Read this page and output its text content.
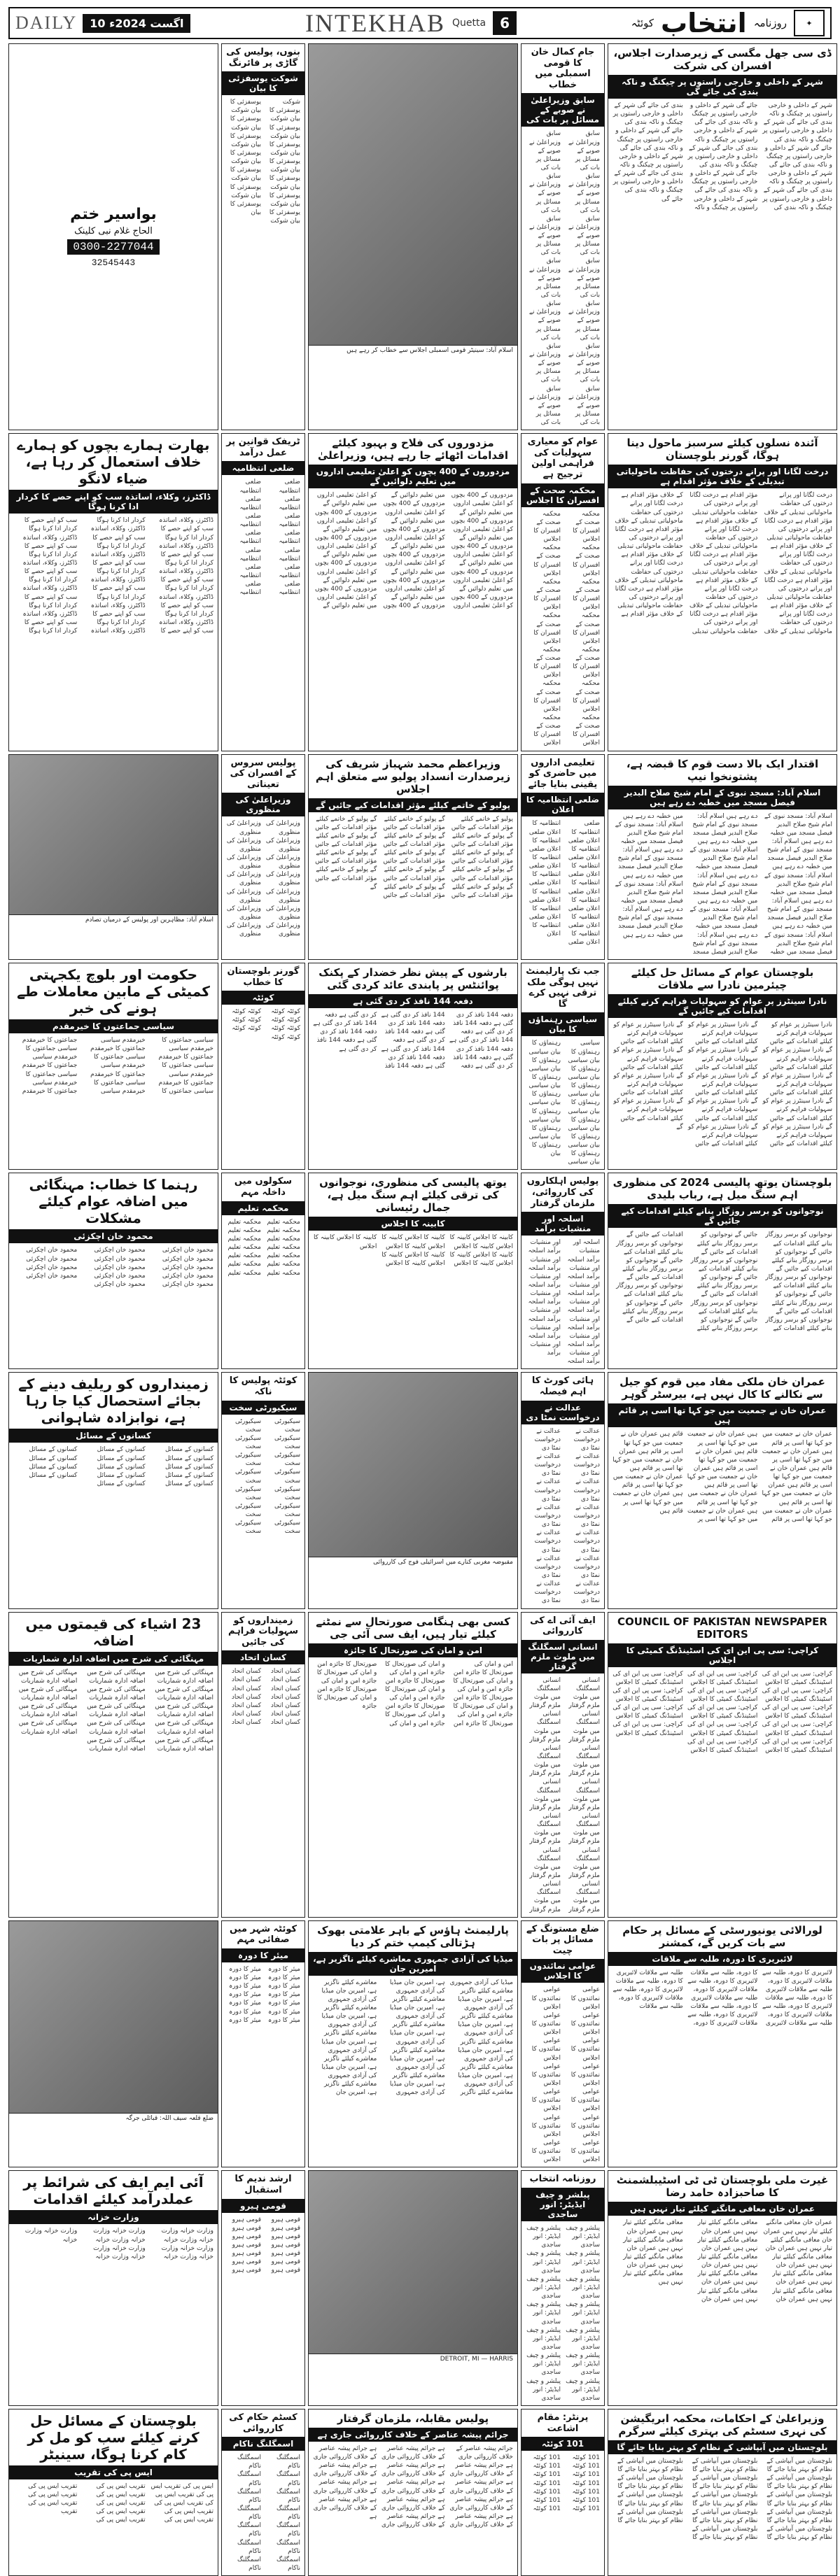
DAILY	10 اگست 2024ء	INTEKHAB Quetta	6	✦
روزنامہ
انتخاب
کوئٹہ
بواسیر ختم
الحاج غلام نبی کلینک
0300-2277044
32545443
بھارت ہمارے بچوں کو ہمارے خلاف استعمال کر رہا ہے، ضیاء لانگو
ڈاکٹرز، وکلاء، اساتذہ سب کو اپنے حصے کا کردار ادا کرنا ہوگا
ڈاکٹرز، وکلاء، اساتذہ سب کو اپنے حصے کا کردار ادا کرنا ہوگا ڈاکٹرز، وکلاء، اساتذہ سب کو اپنے حصے کا کردار ادا کرنا ہوگا ڈاکٹرز، وکلاء، اساتذہ سب کو اپنے حصے کا کردار ادا کرنا ہوگا ڈاکٹرز، وکلاء، اساتذہ سب کو اپنے حصے کا کردار ادا کرنا ہوگا ڈاکٹرز، وکلاء، اساتذہ سب کو اپنے حصے کا کردار ادا کرنا ہوگا ڈاکٹرز، وکلاء، اساتذہ سب کو اپنے حصے کا کردار ادا کرنا ہوگا ڈاکٹرز، وکلاء، اساتذہ سب کو اپنے حصے کا کردار ادا کرنا ہوگا ڈاکٹرز، وکلاء، اساتذہ سب کو اپنے حصے کا کردار ادا کرنا ہوگا ڈاکٹرز، وکلاء، اساتذہ سب کو اپنے حصے کا کردار ادا کرنا ہوگا ڈاکٹرز، وکلاء، اساتذہ سب کو اپنے حصے کا کردار ادا کرنا ہوگا ڈاکٹرز، وکلاء، اساتذہ سب کو اپنے حصے کا کردار ادا کرنا ہوگا ڈاکٹرز، وکلاء، اساتذہ سب کو اپنے حصے کا کردار ادا کرنا ہوگا ڈاکٹرز، وکلاء، اساتذہ سب کو اپنے حصے کا کردار ادا کرنا ہوگا ڈاکٹرز، وکلاء، اساتذہ سب کو اپنے حصے کا کردار ادا کرنا ہوگا
اسلام آباد: مظاہرین اور پولیس کے درمیان تصادم
حکومت اور بلوچ یکجہتی کمیٹی کے مابین معاملات طے ہونے کی خبر
سیاسی جماعتوں کا خیرمقدم
سیاسی جماعتوں کا خیرمقدم سیاسی جماعتوں کا خیرمقدم سیاسی جماعتوں کا خیرمقدم سیاسی جماعتوں کا خیرمقدم سیاسی جماعتوں کا خیرمقدم سیاسی جماعتوں کا خیرمقدم سیاسی جماعتوں کا خیرمقدم سیاسی جماعتوں کا خیرمقدم سیاسی جماعتوں کا خیرمقدم سیاسی جماعتوں کا خیرمقدم سیاسی جماعتوں کا خیرمقدم سیاسی جماعتوں کا خیرمقدم سیاسی جماعتوں کا خیرمقدم سیاسی جماعتوں کا خیرمقدم
رہنما کا خطاب: مہنگائی میں اضافہ عوام کیلئے مشکلات
محمود خان اچکزئی
محمود خان اچکزئی محمود خان اچکزئی محمود خان اچکزئی محمود خان اچکزئی محمود خان اچکزئی محمود خان اچکزئی محمود خان اچکزئی محمود خان اچکزئی محمود خان اچکزئی محمود خان اچکزئی محمود خان اچکزئی محمود خان اچکزئی محمود خان اچکزئی محمود خان اچکزئی
زمینداروں کو ریلیف دینے کے بجائے استحصال کیا جا رہا ہے، نوابزادہ شاہوانی
کسانوں کے مسائل
کسانوں کے مسائل کسانوں کے مسائل کسانوں کے مسائل کسانوں کے مسائل کسانوں کے مسائل کسانوں کے مسائل کسانوں کے مسائل کسانوں کے مسائل کسانوں کے مسائل کسانوں کے مسائل کسانوں کے مسائل کسانوں کے مسائل کسانوں کے مسائل کسانوں کے مسائل
23 اشیاء کی قیمتوں میں اضافہ
مہنگائی کی شرح میں اضافہ ادارہ شماریات
مہنگائی کی شرح میں اضافہ ادارہ شماریات مہنگائی کی شرح میں اضافہ ادارہ شماریات مہنگائی کی شرح میں اضافہ ادارہ شماریات مہنگائی کی شرح میں اضافہ ادارہ شماریات مہنگائی کی شرح میں اضافہ ادارہ شماریات مہنگائی کی شرح میں اضافہ ادارہ شماریات مہنگائی کی شرح میں اضافہ ادارہ شماریات مہنگائی کی شرح میں اضافہ ادارہ شماریات مہنگائی کی شرح میں اضافہ ادارہ شماریات مہنگائی کی شرح میں اضافہ ادارہ شماریات مہنگائی کی شرح میں اضافہ ادارہ شماریات مہنگائی کی شرح میں اضافہ ادارہ شماریات مہنگائی کی شرح میں اضافہ ادارہ شماریات مہنگائی کی شرح میں اضافہ ادارہ شماریات
ضلع قلعہ سیف اللہ: قبائلی جرگہ
آئی ایم ایف کی شرائط پر عملدرآمد کیلئے اقدامات
وزارت خزانہ
وزارت خزانہ وزارت خزانہ وزارت خزانہ وزارت خزانہ وزارت خزانہ وزارت خزانہ وزارت خزانہ وزارت خزانہ وزارت خزانہ وزارت خزانہ وزارت خزانہ وزارت خزانہ وزارت خزانہ وزارت خزانہ
بلوچستان کے مسائل حل کرنے کیلئے سب کو مل کر کام کرنا ہوگا، سینیٹر
ایس پی کی تقریب
ایس پی کی تقریب ایس پی کی تقریب ایس پی کی تقریب ایس پی کی تقریب ایس پی کی تقریب ایس پی کی تقریب ایس پی کی تقریب ایس پی کی تقریب ایس پی کی تقریب ایس پی کی تقریب ایس پی کی تقریب ایس پی کی تقریب ایس پی کی تقریب ایس پی کی تقریب
بنوں، پولیس کی گاڑی پر فائرنگ
شوکت یوسفزئی کا بیان
شوکت یوسفزئی کا بیان شوکت یوسفزئی کا بیان شوکت یوسفزئی کا بیان شوکت یوسفزئی کا بیان شوکت یوسفزئی کا بیان شوکت یوسفزئی کا بیان شوکت یوسفزئی کا بیان شوکت یوسفزئی کا بیان شوکت یوسفزئی کا بیان شوکت یوسفزئی کا بیان شوکت یوسفزئی کا بیان شوکت یوسفزئی کا بیان شوکت یوسفزئی کا بیان شوکت یوسفزئی کا بیان
ٹریفک قوانین پر عمل درآمد
ضلعی انتظامیہ
ضلعی انتظامیہ ضلعی انتظامیہ ضلعی انتظامیہ ضلعی انتظامیہ ضلعی انتظامیہ ضلعی انتظامیہ ضلعی انتظامیہ ضلعی انتظامیہ ضلعی انتظامیہ ضلعی انتظامیہ ضلعی انتظامیہ ضلعی انتظامیہ ضلعی انتظامیہ ضلعی انتظامیہ
پولیس سروس کے افسران کی تعیناتی
وزیراعلیٰ کی منظوری
وزیراعلیٰ کی منظوری وزیراعلیٰ کی منظوری وزیراعلیٰ کی منظوری وزیراعلیٰ کی منظوری وزیراعلیٰ کی منظوری وزیراعلیٰ کی منظوری وزیراعلیٰ کی منظوری وزیراعلیٰ کی منظوری وزیراعلیٰ کی منظوری وزیراعلیٰ کی منظوری وزیراعلیٰ کی منظوری وزیراعلیٰ کی منظوری وزیراعلیٰ کی منظوری وزیراعلیٰ کی منظوری
گورنر بلوچستان کا خطاب
کوئٹہ
کوئٹہ کوئٹہ کوئٹہ کوئٹہ کوئٹہ کوئٹہ کوئٹہ کوئٹہ کوئٹہ کوئٹہ کوئٹہ کوئٹہ کوئٹہ کوئٹہ
سکولوں میں داخلہ مہم
محکمہ تعلیم
محکمہ تعلیم محکمہ تعلیم محکمہ تعلیم محکمہ تعلیم محکمہ تعلیم محکمہ تعلیم محکمہ تعلیم محکمہ تعلیم محکمہ تعلیم محکمہ تعلیم محکمہ تعلیم محکمہ تعلیم محکمہ تعلیم محکمہ تعلیم
کوئٹہ پولیس کا ناکہ
سیکیورٹی سخت
سیکیورٹی سخت سیکیورٹی سخت سیکیورٹی سخت سیکیورٹی سخت سیکیورٹی سخت سیکیورٹی سخت سیکیورٹی سخت سیکیورٹی سخت سیکیورٹی سخت سیکیورٹی سخت سیکیورٹی سخت سیکیورٹی سخت سیکیورٹی سخت سیکیورٹی سخت
زمینداروں کو سہولیات فراہم کی جائیں
کسان اتحاد
کسان اتحاد کسان اتحاد کسان اتحاد کسان اتحاد کسان اتحاد کسان اتحاد کسان اتحاد کسان اتحاد کسان اتحاد کسان اتحاد کسان اتحاد کسان اتحاد کسان اتحاد کسان اتحاد
کوئٹہ شہر میں صفائی مہم
میئر کا دورہ
میئر کا دورہ میئر کا دورہ میئر کا دورہ میئر کا دورہ میئر کا دورہ میئر کا دورہ میئر کا دورہ میئر کا دورہ میئر کا دورہ میئر کا دورہ میئر کا دورہ میئر کا دورہ میئر کا دورہ میئر کا دورہ
ارشد ندیم کا استقبال
قومی ہیرو
قومی ہیرو قومی ہیرو قومی ہیرو قومی ہیرو قومی ہیرو قومی ہیرو قومی ہیرو قومی ہیرو قومی ہیرو قومی ہیرو قومی ہیرو قومی ہیرو قومی ہیرو قومی ہیرو
کسٹم حکام کی کارروائی
اسمگلنگ ناکام
اسمگلنگ ناکام اسمگلنگ ناکام اسمگلنگ ناکام اسمگلنگ ناکام اسمگلنگ ناکام اسمگلنگ ناکام اسمگلنگ ناکام اسمگلنگ ناکام اسمگلنگ ناکام اسمگلنگ ناکام اسمگلنگ ناکام اسمگلنگ ناکام اسمگلنگ ناکام اسمگلنگ ناکام
اسلام آباد: سینیٹر قومی اسمبلی اجلاس سے خطاب کر رہے ہیں
مزدوروں کی فلاح و بہبود کیلئے اقدامات اٹھائے جا رہے ہیں، وزیراعلیٰ
مزدوروں کے 400 بچوں کو اعلیٰ تعلیمی اداروں میں تعلیم دلوائیں گے
مزدوروں کے 400 بچوں کو اعلیٰ تعلیمی اداروں میں تعلیم دلوائیں گے مزدوروں کے 400 بچوں کو اعلیٰ تعلیمی اداروں میں تعلیم دلوائیں گے مزدوروں کے 400 بچوں کو اعلیٰ تعلیمی اداروں میں تعلیم دلوائیں گے مزدوروں کے 400 بچوں کو اعلیٰ تعلیمی اداروں میں تعلیم دلوائیں گے مزدوروں کے 400 بچوں کو اعلیٰ تعلیمی اداروں میں تعلیم دلوائیں گے مزدوروں کے 400 بچوں کو اعلیٰ تعلیمی اداروں میں تعلیم دلوائیں گے مزدوروں کے 400 بچوں کو اعلیٰ تعلیمی اداروں میں تعلیم دلوائیں گے مزدوروں کے 400 بچوں کو اعلیٰ تعلیمی اداروں میں تعلیم دلوائیں گے مزدوروں کے 400 بچوں کو اعلیٰ تعلیمی اداروں میں تعلیم دلوائیں گے مزدوروں کے 400 بچوں کو اعلیٰ تعلیمی اداروں میں تعلیم دلوائیں گے مزدوروں کے 400 بچوں کو اعلیٰ تعلیمی اداروں میں تعلیم دلوائیں گے مزدوروں کے 400 بچوں کو اعلیٰ تعلیمی اداروں میں تعلیم دلوائیں گے مزدوروں کے 400 بچوں کو اعلیٰ تعلیمی اداروں میں تعلیم دلوائیں گے مزدوروں کے 400 بچوں کو اعلیٰ تعلیمی اداروں میں تعلیم دلوائیں گے
وزیراعظم محمد شہباز شریف کی زیرصدارت انسداد پولیو سے متعلق اہم اجلاس
پولیو کے خاتمے کیلئے مؤثر اقدامات کیے جائیں گے
پولیو کے خاتمے کیلئے مؤثر اقدامات کیے جائیں گے پولیو کے خاتمے کیلئے مؤثر اقدامات کیے جائیں گے پولیو کے خاتمے کیلئے مؤثر اقدامات کیے جائیں گے پولیو کے خاتمے کیلئے مؤثر اقدامات کیے جائیں گے پولیو کے خاتمے کیلئے مؤثر اقدامات کیے جائیں گے پولیو کے خاتمے کیلئے مؤثر اقدامات کیے جائیں گے پولیو کے خاتمے کیلئے مؤثر اقدامات کیے جائیں گے پولیو کے خاتمے کیلئے مؤثر اقدامات کیے جائیں گے پولیو کے خاتمے کیلئے مؤثر اقدامات کیے جائیں گے پولیو کے خاتمے کیلئے مؤثر اقدامات کیے جائیں گے پولیو کے خاتمے کیلئے مؤثر اقدامات کیے جائیں گے پولیو کے خاتمے کیلئے مؤثر اقدامات کیے جائیں گے پولیو کے خاتمے کیلئے مؤثر اقدامات کیے جائیں گے پولیو کے خاتمے کیلئے مؤثر اقدامات کیے جائیں گے
بارشوں کے پیش نظر خضدار کے پکنک پوائنٹس پر پابندی عائد کردی گئی
دفعہ 144 نافذ کر دی گئی ہے
دفعہ 144 نافذ کر دی گئی ہے دفعہ 144 نافذ کر دی گئی ہے دفعہ 144 نافذ کر دی گئی ہے دفعہ 144 نافذ کر دی گئی ہے دفعہ 144 نافذ کر دی گئی ہے دفعہ 144 نافذ کر دی گئی ہے دفعہ 144 نافذ کر دی گئی ہے دفعہ 144 نافذ کر دی گئی ہے دفعہ 144 نافذ کر دی گئی ہے دفعہ 144 نافذ کر دی گئی ہے دفعہ 144 نافذ کر دی گئی ہے دفعہ 144 نافذ کر دی گئی ہے دفعہ 144 نافذ کر دی گئی ہے دفعہ 144 نافذ کر دی گئی ہے
یوتھ پالیسی کی منظوری، نوجوانوں کی ترقی کیلئے اہم سنگ میل ہے، جمال رئیسانی
کابینہ کا اجلاس
کابینہ کا اجلاس کابینہ کا اجلاس کابینہ کا اجلاس کابینہ کا اجلاس کابینہ کا اجلاس کابینہ کا اجلاس کابینہ کا اجلاس کابینہ کا اجلاس کابینہ کا اجلاس کابینہ کا اجلاس کابینہ کا اجلاس کابینہ کا اجلاس کابینہ کا اجلاس کابینہ کا اجلاس
مقبوضہ مغربی کنارے میں اسرائیلی فوج کی کارروائی
کسی بھی ہنگامی صورتحال سے نمٹنے کیلئے تیار ہیں، ایف سی آئی جی
امن و امان کی صورتحال کا جائزہ
امن و امان کی صورتحال کا جائزہ امن و امان کی صورتحال کا جائزہ امن و امان کی صورتحال کا جائزہ امن و امان کی صورتحال کا جائزہ امن و امان کی صورتحال کا جائزہ امن و امان کی صورتحال کا جائزہ امن و امان کی صورتحال کا جائزہ امن و امان کی صورتحال کا جائزہ امن و امان کی صورتحال کا جائزہ امن و امان کی صورتحال کا جائزہ امن و امان کی صورتحال کا جائزہ امن و امان کی صورتحال کا جائزہ امن و امان کی صورتحال کا جائزہ امن و امان کی صورتحال کا جائزہ
پارلیمنٹ ہاؤس کے باہر علامتی بھوک ہڑتالی کیمپ ختم کر دیا
میڈیا کی آزادی جمہوری معاشرے کیلئے ناگزیر ہے، امیرین جان
میڈیا کی آزادی جمہوری معاشرے کیلئے ناگزیر ہے، امیرین جان میڈیا کی آزادی جمہوری معاشرے کیلئے ناگزیر ہے، امیرین جان میڈیا کی آزادی جمہوری معاشرے کیلئے ناگزیر ہے، امیرین جان میڈیا کی آزادی جمہوری معاشرے کیلئے ناگزیر ہے، امیرین جان میڈیا کی آزادی جمہوری معاشرے کیلئے ناگزیر ہے، امیرین جان میڈیا کی آزادی جمہوری معاشرے کیلئے ناگزیر ہے، امیرین جان میڈیا کی آزادی جمہوری معاشرے کیلئے ناگزیر ہے، امیرین جان میڈیا کی آزادی جمہوری معاشرے کیلئے ناگزیر ہے، امیرین جان میڈیا کی آزادی جمہوری معاشرے کیلئے ناگزیر ہے، امیرین جان میڈیا کی آزادی جمہوری معاشرے کیلئے ناگزیر ہے، امیرین جان میڈیا کی آزادی جمہوری معاشرے کیلئے ناگزیر ہے، امیرین جان میڈیا کی آزادی جمہوری معاشرے کیلئے ناگزیر ہے، امیرین جان میڈیا کی آزادی جمہوری معاشرے کیلئے ناگزیر ہے، امیرین جان میڈیا کی آزادی جمہوری معاشرے کیلئے ناگزیر ہے، امیرین جان
DETROIT, MI — HARRIS
پولیس مقابلہ، ملزمان گرفتار
جرائم پیشہ عناصر کے خلاف کارروائی جاری ہے
جرائم پیشہ عناصر کے خلاف کارروائی جاری ہے جرائم پیشہ عناصر کے خلاف کارروائی جاری ہے جرائم پیشہ عناصر کے خلاف کارروائی جاری ہے جرائم پیشہ عناصر کے خلاف کارروائی جاری ہے جرائم پیشہ عناصر کے خلاف کارروائی جاری ہے جرائم پیشہ عناصر کے خلاف کارروائی جاری ہے جرائم پیشہ عناصر کے خلاف کارروائی جاری ہے جرائم پیشہ عناصر کے خلاف کارروائی جاری ہے جرائم پیشہ عناصر کے خلاف کارروائی جاری ہے جرائم پیشہ عناصر کے خلاف کارروائی جاری ہے جرائم پیشہ عناصر کے خلاف کارروائی جاری ہے جرائم پیشہ عناصر کے خلاف کارروائی جاری ہے جرائم پیشہ عناصر کے خلاف کارروائی جاری ہے جرائم پیشہ عناصر کے خلاف کارروائی جاری ہے
جام کمال خان کا قومی اسمبلی میں خطاب
سابق وزیراعلیٰ نے صوبے کے مسائل پر بات کی
سابق وزیراعلیٰ نے صوبے کے مسائل پر بات کی سابق وزیراعلیٰ نے صوبے کے مسائل پر بات کی سابق وزیراعلیٰ نے صوبے کے مسائل پر بات کی سابق وزیراعلیٰ نے صوبے کے مسائل پر بات کی سابق وزیراعلیٰ نے صوبے کے مسائل پر بات کی سابق وزیراعلیٰ نے صوبے کے مسائل پر بات کی سابق وزیراعلیٰ نے صوبے کے مسائل پر بات کی سابق وزیراعلیٰ نے صوبے کے مسائل پر بات کی سابق وزیراعلیٰ نے صوبے کے مسائل پر بات کی سابق وزیراعلیٰ نے صوبے کے مسائل پر بات کی سابق وزیراعلیٰ نے صوبے کے مسائل پر بات کی سابق وزیراعلیٰ نے صوبے کے مسائل پر بات کی سابق وزیراعلیٰ نے صوبے کے مسائل پر بات کی سابق وزیراعلیٰ نے صوبے کے مسائل پر بات کی
عوام کو معیاری سہولیات کی فراہمی اولین ترجیح ہے
محکمہ صحت کے افسران کا اجلاس
محکمہ صحت کے افسران کا اجلاس محکمہ صحت کے افسران کا اجلاس محکمہ صحت کے افسران کا اجلاس محکمہ صحت کے افسران کا اجلاس محکمہ صحت کے افسران کا اجلاس محکمہ صحت کے افسران کا اجلاس محکمہ صحت کے افسران کا اجلاس محکمہ صحت کے افسران کا اجلاس محکمہ صحت کے افسران کا اجلاس محکمہ صحت کے افسران کا اجلاس محکمہ صحت کے افسران کا اجلاس محکمہ صحت کے افسران کا اجلاس محکمہ صحت کے افسران کا اجلاس محکمہ صحت کے افسران کا اجلاس
تعلیمی اداروں میں حاضری کو یقینی بنایا جائے
ضلعی انتظامیہ کا اعلان
ضلعی انتظامیہ کا اعلان ضلعی انتظامیہ کا اعلان ضلعی انتظامیہ کا اعلان ضلعی انتظامیہ کا اعلان ضلعی انتظامیہ کا اعلان ضلعی انتظامیہ کا اعلان ضلعی انتظامیہ کا اعلان ضلعی انتظامیہ کا اعلان ضلعی انتظامیہ کا اعلان ضلعی انتظامیہ کا اعلان ضلعی انتظامیہ کا اعلان ضلعی انتظامیہ کا اعلان ضلعی انتظامیہ کا اعلان ضلعی انتظامیہ کا اعلان
جب تک پارلیمنٹ نہیں ہوگی ملک ترقی نہیں کرے گا
سیاسی رہنماؤں کا بیان
سیاسی رہنماؤں کا بیان سیاسی رہنماؤں کا بیان سیاسی رہنماؤں کا بیان سیاسی رہنماؤں کا بیان سیاسی رہنماؤں کا بیان سیاسی رہنماؤں کا بیان سیاسی رہنماؤں کا بیان سیاسی رہنماؤں کا بیان سیاسی رہنماؤں کا بیان سیاسی رہنماؤں کا بیان سیاسی رہنماؤں کا بیان سیاسی رہنماؤں کا بیان سیاسی رہنماؤں کا بیان سیاسی رہنماؤں کا بیان
پولیس اہلکاروں کی کارروائی، ملزمان گرفتار
اسلحہ اور منشیات برآمد
اسلحہ اور منشیات برآمد اسلحہ اور منشیات برآمد اسلحہ اور منشیات برآمد اسلحہ اور منشیات برآمد اسلحہ اور منشیات برآمد اسلحہ اور منشیات برآمد اسلحہ اور منشیات برآمد اسلحہ اور منشیات برآمد اسلحہ اور منشیات برآمد اسلحہ اور منشیات برآمد اسلحہ اور منشیات برآمد اسلحہ اور منشیات برآمد اسلحہ اور منشیات برآمد اسلحہ اور منشیات برآمد
ہائی کورٹ کا اہم فیصلہ
عدالت نے درخواست نمٹا دی
عدالت نے درخواست نمٹا دی عدالت نے درخواست نمٹا دی عدالت نے درخواست نمٹا دی عدالت نے درخواست نمٹا دی عدالت نے درخواست نمٹا دی عدالت نے درخواست نمٹا دی عدالت نے درخواست نمٹا دی عدالت نے درخواست نمٹا دی عدالت نے درخواست نمٹا دی عدالت نے درخواست نمٹا دی عدالت نے درخواست نمٹا دی عدالت نے درخواست نمٹا دی عدالت نے درخواست نمٹا دی عدالت نے درخواست نمٹا دی
ایف آئی اے کی کارروائی
انسانی اسمگلنگ میں ملوث ملزم گرفتار
انسانی اسمگلنگ میں ملوث ملزم گرفتار انسانی اسمگلنگ میں ملوث ملزم گرفتار انسانی اسمگلنگ میں ملوث ملزم گرفتار انسانی اسمگلنگ میں ملوث ملزم گرفتار انسانی اسمگلنگ میں ملوث ملزم گرفتار انسانی اسمگلنگ میں ملوث ملزم گرفتار انسانی اسمگلنگ میں ملوث ملزم گرفتار انسانی اسمگلنگ میں ملوث ملزم گرفتار انسانی اسمگلنگ میں ملوث ملزم گرفتار انسانی اسمگلنگ میں ملوث ملزم گرفتار انسانی اسمگلنگ میں ملوث ملزم گرفتار انسانی اسمگلنگ میں ملوث ملزم گرفتار انسانی اسمگلنگ میں ملوث ملزم گرفتار انسانی اسمگلنگ میں ملوث ملزم گرفتار
ضلع مستونگ کے مسائل پر بات چیت
عوامی نمائندوں کا اجلاس
عوامی نمائندوں کا اجلاس عوامی نمائندوں کا اجلاس عوامی نمائندوں کا اجلاس عوامی نمائندوں کا اجلاس عوامی نمائندوں کا اجلاس عوامی نمائندوں کا اجلاس عوامی نمائندوں کا اجلاس عوامی نمائندوں کا اجلاس عوامی نمائندوں کا اجلاس عوامی نمائندوں کا اجلاس عوامی نمائندوں کا اجلاس عوامی نمائندوں کا اجلاس عوامی نمائندوں کا اجلاس عوامی نمائندوں کا اجلاس
روزنامہ انتخاب
پبلشر و چیف ایڈیٹر: انور ساجدی
پبلشر و چیف ایڈیٹر: انور ساجدی پبلشر و چیف ایڈیٹر: انور ساجدی پبلشر و چیف ایڈیٹر: انور ساجدی پبلشر و چیف ایڈیٹر: انور ساجدی پبلشر و چیف ایڈیٹر: انور ساجدی پبلشر و چیف ایڈیٹر: انور ساجدی پبلشر و چیف ایڈیٹر: انور ساجدی پبلشر و چیف ایڈیٹر: انور ساجدی پبلشر و چیف ایڈیٹر: انور ساجدی پبلشر و چیف ایڈیٹر: انور ساجدی پبلشر و چیف ایڈیٹر: انور ساجدی پبلشر و چیف ایڈیٹر: انور ساجدی پبلشر و چیف ایڈیٹر: انور ساجدی پبلشر و چیف ایڈیٹر: انور ساجدی
پرنٹر: مقام اشاعت
101 کوئٹہ
101 کوئٹہ 101 کوئٹہ 101 کوئٹہ 101 کوئٹہ 101 کوئٹہ 101 کوئٹہ 101 کوئٹہ 101 کوئٹہ 101 کوئٹہ 101 کوئٹہ 101 کوئٹہ 101 کوئٹہ 101 کوئٹہ 101 کوئٹہ
ڈی سی جھل مگسی کے زیرصدارت اجلاس، افسران کی شرکت
شہر کے داخلی و خارجی راستوں پر چیکنگ و ناکہ بندی کی جائے گی
شہر کے داخلی و خارجی راستوں پر چیکنگ و ناکہ بندی کی جائے گی شہر کے داخلی و خارجی راستوں پر چیکنگ و ناکہ بندی کی جائے گی شہر کے داخلی و خارجی راستوں پر چیکنگ و ناکہ بندی کی جائے گی شہر کے داخلی و خارجی راستوں پر چیکنگ و ناکہ بندی کی جائے گی شہر کے داخلی و خارجی راستوں پر چیکنگ و ناکہ بندی کی جائے گی شہر کے داخلی و خارجی راستوں پر چیکنگ و ناکہ بندی کی جائے گی شہر کے داخلی و خارجی راستوں پر چیکنگ و ناکہ بندی کی جائے گی شہر کے داخلی و خارجی راستوں پر چیکنگ و ناکہ بندی کی جائے گی شہر کے داخلی و خارجی راستوں پر چیکنگ و ناکہ بندی کی جائے گی شہر کے داخلی و خارجی راستوں پر چیکنگ و ناکہ بندی کی جائے گی شہر کے داخلی و خارجی راستوں پر چیکنگ و ناکہ بندی کی جائے گی شہر کے داخلی و خارجی راستوں پر چیکنگ و ناکہ بندی کی جائے گی شہر کے داخلی و خارجی راستوں پر چیکنگ و ناکہ بندی کی جائے گی شہر کے داخلی و خارجی راستوں پر چیکنگ و ناکہ بندی کی جائے گی
آئندہ نسلوں کیلئے سرسبز ماحول دینا ہوگا، گورنر بلوچستان
درخت لگانا اور پرانے درختوں کی حفاظت ماحولیاتی تبدیلی کے خلاف مؤثر اقدام ہے
درخت لگانا اور پرانے درختوں کی حفاظت ماحولیاتی تبدیلی کے خلاف مؤثر اقدام ہے درخت لگانا اور پرانے درختوں کی حفاظت ماحولیاتی تبدیلی کے خلاف مؤثر اقدام ہے درخت لگانا اور پرانے درختوں کی حفاظت ماحولیاتی تبدیلی کے خلاف مؤثر اقدام ہے درخت لگانا اور پرانے درختوں کی حفاظت ماحولیاتی تبدیلی کے خلاف مؤثر اقدام ہے درخت لگانا اور پرانے درختوں کی حفاظت ماحولیاتی تبدیلی کے خلاف مؤثر اقدام ہے درخت لگانا اور پرانے درختوں کی حفاظت ماحولیاتی تبدیلی کے خلاف مؤثر اقدام ہے درخت لگانا اور پرانے درختوں کی حفاظت ماحولیاتی تبدیلی کے خلاف مؤثر اقدام ہے درخت لگانا اور پرانے درختوں کی حفاظت ماحولیاتی تبدیلی کے خلاف مؤثر اقدام ہے درخت لگانا اور پرانے درختوں کی حفاظت ماحولیاتی تبدیلی کے خلاف مؤثر اقدام ہے درخت لگانا اور پرانے درختوں کی حفاظت ماحولیاتی تبدیلی کے خلاف مؤثر اقدام ہے درخت لگانا اور پرانے درختوں کی حفاظت ماحولیاتی تبدیلی کے خلاف مؤثر اقدام ہے درخت لگانا اور پرانے درختوں کی حفاظت ماحولیاتی تبدیلی کے خلاف مؤثر اقدام ہے درخت لگانا اور پرانے درختوں کی حفاظت ماحولیاتی تبدیلی کے خلاف مؤثر اقدام ہے درخت لگانا اور پرانے درختوں کی حفاظت ماحولیاتی تبدیلی کے خلاف مؤثر اقدام ہے
اقتدار ایک بالا دست قوم کا قبضہ ہے، پشتونخوا نیپ
اسلام آباد: مسجد نبوی کے امام شیخ صلاح البدیر فیصل مسجد میں خطبہ دے رہے ہیں
اسلام آباد: مسجد نبوی کے امام شیخ صلاح البدیر فیصل مسجد میں خطبہ دے رہے ہیں اسلام آباد: مسجد نبوی کے امام شیخ صلاح البدیر فیصل مسجد میں خطبہ دے رہے ہیں اسلام آباد: مسجد نبوی کے امام شیخ صلاح البدیر فیصل مسجد میں خطبہ دے رہے ہیں اسلام آباد: مسجد نبوی کے امام شیخ صلاح البدیر فیصل مسجد میں خطبہ دے رہے ہیں اسلام آباد: مسجد نبوی کے امام شیخ صلاح البدیر فیصل مسجد میں خطبہ دے رہے ہیں اسلام آباد: مسجد نبوی کے امام شیخ صلاح البدیر فیصل مسجد میں خطبہ دے رہے ہیں اسلام آباد: مسجد نبوی کے امام شیخ صلاح البدیر فیصل مسجد میں خطبہ دے رہے ہیں اسلام آباد: مسجد نبوی کے امام شیخ صلاح البدیر فیصل مسجد میں خطبہ دے رہے ہیں اسلام آباد: مسجد نبوی کے امام شیخ صلاح البدیر فیصل مسجد میں خطبہ دے رہے ہیں اسلام آباد: مسجد نبوی کے امام شیخ صلاح البدیر فیصل مسجد میں خطبہ دے رہے ہیں اسلام آباد: مسجد نبوی کے امام شیخ صلاح البدیر فیصل مسجد میں خطبہ دے رہے ہیں اسلام آباد: مسجد نبوی کے امام شیخ صلاح البدیر فیصل مسجد میں خطبہ دے رہے ہیں اسلام آباد: مسجد نبوی کے امام شیخ صلاح البدیر فیصل مسجد میں خطبہ دے رہے ہیں اسلام آباد: مسجد نبوی کے امام شیخ صلاح البدیر فیصل مسجد میں خطبہ دے رہے ہیں
بلوچستان عوام کے مسائل حل کیلئے چیئرمین نادرا سے ملاقات
نادرا سینٹرز پر عوام کو سہولیات فراہم کرنے کیلئے اقدامات کیے جائیں گے
نادرا سینٹرز پر عوام کو سہولیات فراہم کرنے کیلئے اقدامات کیے جائیں گے نادرا سینٹرز پر عوام کو سہولیات فراہم کرنے کیلئے اقدامات کیے جائیں گے نادرا سینٹرز پر عوام کو سہولیات فراہم کرنے کیلئے اقدامات کیے جائیں گے نادرا سینٹرز پر عوام کو سہولیات فراہم کرنے کیلئے اقدامات کیے جائیں گے نادرا سینٹرز پر عوام کو سہولیات فراہم کرنے کیلئے اقدامات کیے جائیں گے نادرا سینٹرز پر عوام کو سہولیات فراہم کرنے کیلئے اقدامات کیے جائیں گے نادرا سینٹرز پر عوام کو سہولیات فراہم کرنے کیلئے اقدامات کیے جائیں گے نادرا سینٹرز پر عوام کو سہولیات فراہم کرنے کیلئے اقدامات کیے جائیں گے نادرا سینٹرز پر عوام کو سہولیات فراہم کرنے کیلئے اقدامات کیے جائیں گے نادرا سینٹرز پر عوام کو سہولیات فراہم کرنے کیلئے اقدامات کیے جائیں گے نادرا سینٹرز پر عوام کو سہولیات فراہم کرنے کیلئے اقدامات کیے جائیں گے نادرا سینٹرز پر عوام کو سہولیات فراہم کرنے کیلئے اقدامات کیے جائیں گے نادرا سینٹرز پر عوام کو سہولیات فراہم کرنے کیلئے اقدامات کیے جائیں گے نادرا سینٹرز پر عوام کو سہولیات فراہم کرنے کیلئے اقدامات کیے جائیں گے
بلوچستان یوتھ پالیسی 2024 کی منظوری اہم سنگ میل ہے، رباب بلیدی
نوجوانوں کو برسر روزگار بنانے کیلئے اقدامات کیے جائیں گے
نوجوانوں کو برسر روزگار بنانے کیلئے اقدامات کیے جائیں گے نوجوانوں کو برسر روزگار بنانے کیلئے اقدامات کیے جائیں گے نوجوانوں کو برسر روزگار بنانے کیلئے اقدامات کیے جائیں گے نوجوانوں کو برسر روزگار بنانے کیلئے اقدامات کیے جائیں گے نوجوانوں کو برسر روزگار بنانے کیلئے اقدامات کیے جائیں گے نوجوانوں کو برسر روزگار بنانے کیلئے اقدامات کیے جائیں گے نوجوانوں کو برسر روزگار بنانے کیلئے اقدامات کیے جائیں گے نوجوانوں کو برسر روزگار بنانے کیلئے اقدامات کیے جائیں گے نوجوانوں کو برسر روزگار بنانے کیلئے اقدامات کیے جائیں گے نوجوانوں کو برسر روزگار بنانے کیلئے اقدامات کیے جائیں گے نوجوانوں کو برسر روزگار بنانے کیلئے اقدامات کیے جائیں گے نوجوانوں کو برسر روزگار بنانے کیلئے اقدامات کیے جائیں گے نوجوانوں کو برسر روزگار بنانے کیلئے اقدامات کیے جائیں گے نوجوانوں کو برسر روزگار بنانے کیلئے اقدامات کیے جائیں گے
عمران خان ملکی مفاد میں قوم کو جیل سے نکالنے کا کال نہیں ہے، بیرسٹر گوہر
عمران خان نے جمعیت میں جو کہا تھا اسی پر قائم ہیں
عمران خان نے جمعیت میں جو کہا تھا اسی پر قائم ہیں عمران خان نے جمعیت میں جو کہا تھا اسی پر قائم ہیں عمران خان نے جمعیت میں جو کہا تھا اسی پر قائم ہیں عمران خان نے جمعیت میں جو کہا تھا اسی پر قائم ہیں عمران خان نے جمعیت میں جو کہا تھا اسی پر قائم ہیں عمران خان نے جمعیت میں جو کہا تھا اسی پر قائم ہیں عمران خان نے جمعیت میں جو کہا تھا اسی پر قائم ہیں عمران خان نے جمعیت میں جو کہا تھا اسی پر قائم ہیں عمران خان نے جمعیت میں جو کہا تھا اسی پر قائم ہیں عمران خان نے جمعیت میں جو کہا تھا اسی پر قائم ہیں عمران خان نے جمعیت میں جو کہا تھا اسی پر قائم ہیں عمران خان نے جمعیت میں جو کہا تھا اسی پر قائم ہیں عمران خان نے جمعیت میں جو کہا تھا اسی پر قائم ہیں عمران خان نے جمعیت میں جو کہا تھا اسی پر قائم ہیں
COUNCIL OF PAKISTAN NEWSPAPER EDITORS
کراچی: سی پی این ای کی اسٹینڈنگ کمیٹی کا اجلاس
کراچی: سی پی این ای کی اسٹینڈنگ کمیٹی کا اجلاس کراچی: سی پی این ای کی اسٹینڈنگ کمیٹی کا اجلاس کراچی: سی پی این ای کی اسٹینڈنگ کمیٹی کا اجلاس کراچی: سی پی این ای کی اسٹینڈنگ کمیٹی کا اجلاس کراچی: سی پی این ای کی اسٹینڈنگ کمیٹی کا اجلاس کراچی: سی پی این ای کی اسٹینڈنگ کمیٹی کا اجلاس کراچی: سی پی این ای کی اسٹینڈنگ کمیٹی کا اجلاس کراچی: سی پی این ای کی اسٹینڈنگ کمیٹی کا اجلاس کراچی: سی پی این ای کی اسٹینڈنگ کمیٹی کا اجلاس کراچی: سی پی این ای کی اسٹینڈنگ کمیٹی کا اجلاس کراچی: سی پی این ای کی اسٹینڈنگ کمیٹی کا اجلاس کراچی: سی پی این ای کی اسٹینڈنگ کمیٹی کا اجلاس کراچی: سی پی این ای کی اسٹینڈنگ کمیٹی کا اجلاس کراچی: سی پی این ای کی اسٹینڈنگ کمیٹی کا اجلاس
لورالائی یونیورسٹی کے مسائل پر حکام سے بات کریں گے، کمشنر
لائبریری کا دورہ، طلبہ سے ملاقات
لائبریری کا دورہ، طلبہ سے ملاقات لائبریری کا دورہ، طلبہ سے ملاقات لائبریری کا دورہ، طلبہ سے ملاقات لائبریری کا دورہ، طلبہ سے ملاقات لائبریری کا دورہ، طلبہ سے ملاقات لائبریری کا دورہ، طلبہ سے ملاقات لائبریری کا دورہ، طلبہ سے ملاقات لائبریری کا دورہ، طلبہ سے ملاقات لائبریری کا دورہ، طلبہ سے ملاقات لائبریری کا دورہ، طلبہ سے ملاقات لائبریری کا دورہ، طلبہ سے ملاقات لائبریری کا دورہ، طلبہ سے ملاقات لائبریری کا دورہ، طلبہ سے ملاقات لائبریری کا دورہ، طلبہ سے ملاقات
غیرت ملی بلوچستان ٹی ٹی اسٹیبلشمنٹ کا صاحبزادہ حامد رضا
عمران خان معافی مانگنے کیلئے تیار نہیں ہیں
عمران خان معافی مانگنے کیلئے تیار نہیں ہیں عمران خان معافی مانگنے کیلئے تیار نہیں ہیں عمران خان معافی مانگنے کیلئے تیار نہیں ہیں عمران خان معافی مانگنے کیلئے تیار نہیں ہیں عمران خان معافی مانگنے کیلئے تیار نہیں ہیں عمران خان معافی مانگنے کیلئے تیار نہیں ہیں عمران خان معافی مانگنے کیلئے تیار نہیں ہیں عمران خان معافی مانگنے کیلئے تیار نہیں ہیں عمران خان معافی مانگنے کیلئے تیار نہیں ہیں عمران خان معافی مانگنے کیلئے تیار نہیں ہیں عمران خان معافی مانگنے کیلئے تیار نہیں ہیں عمران خان معافی مانگنے کیلئے تیار نہیں ہیں عمران خان معافی مانگنے کیلئے تیار نہیں ہیں عمران خان معافی مانگنے کیلئے تیار نہیں ہیں
وزیراعلیٰ کے احکامات، محکمہ ابریگیشن کی نہری سسٹم کی بہتری کیلئے سرگرم
بلوچستان میں آبپاشی کے نظام کو بہتر بنایا جائے گا
بلوچستان میں آبپاشی کے نظام کو بہتر بنایا جائے گا بلوچستان میں آبپاشی کے نظام کو بہتر بنایا جائے گا بلوچستان میں آبپاشی کے نظام کو بہتر بنایا جائے گا بلوچستان میں آبپاشی کے نظام کو بہتر بنایا جائے گا بلوچستان میں آبپاشی کے نظام کو بہتر بنایا جائے گا بلوچستان میں آبپاشی کے نظام کو بہتر بنایا جائے گا بلوچستان میں آبپاشی کے نظام کو بہتر بنایا جائے گا بلوچستان میں آبپاشی کے نظام کو بہتر بنایا جائے گا بلوچستان میں آبپاشی کے نظام کو بہتر بنایا جائے گا بلوچستان میں آبپاشی کے نظام کو بہتر بنایا جائے گا بلوچستان میں آبپاشی کے نظام کو بہتر بنایا جائے گا بلوچستان میں آبپاشی کے نظام کو بہتر بنایا جائے گا بلوچستان میں آبپاشی کے نظام کو بہتر بنایا جائے گا بلوچستان میں آبپاشی کے نظام کو بہتر بنایا جائے گا
